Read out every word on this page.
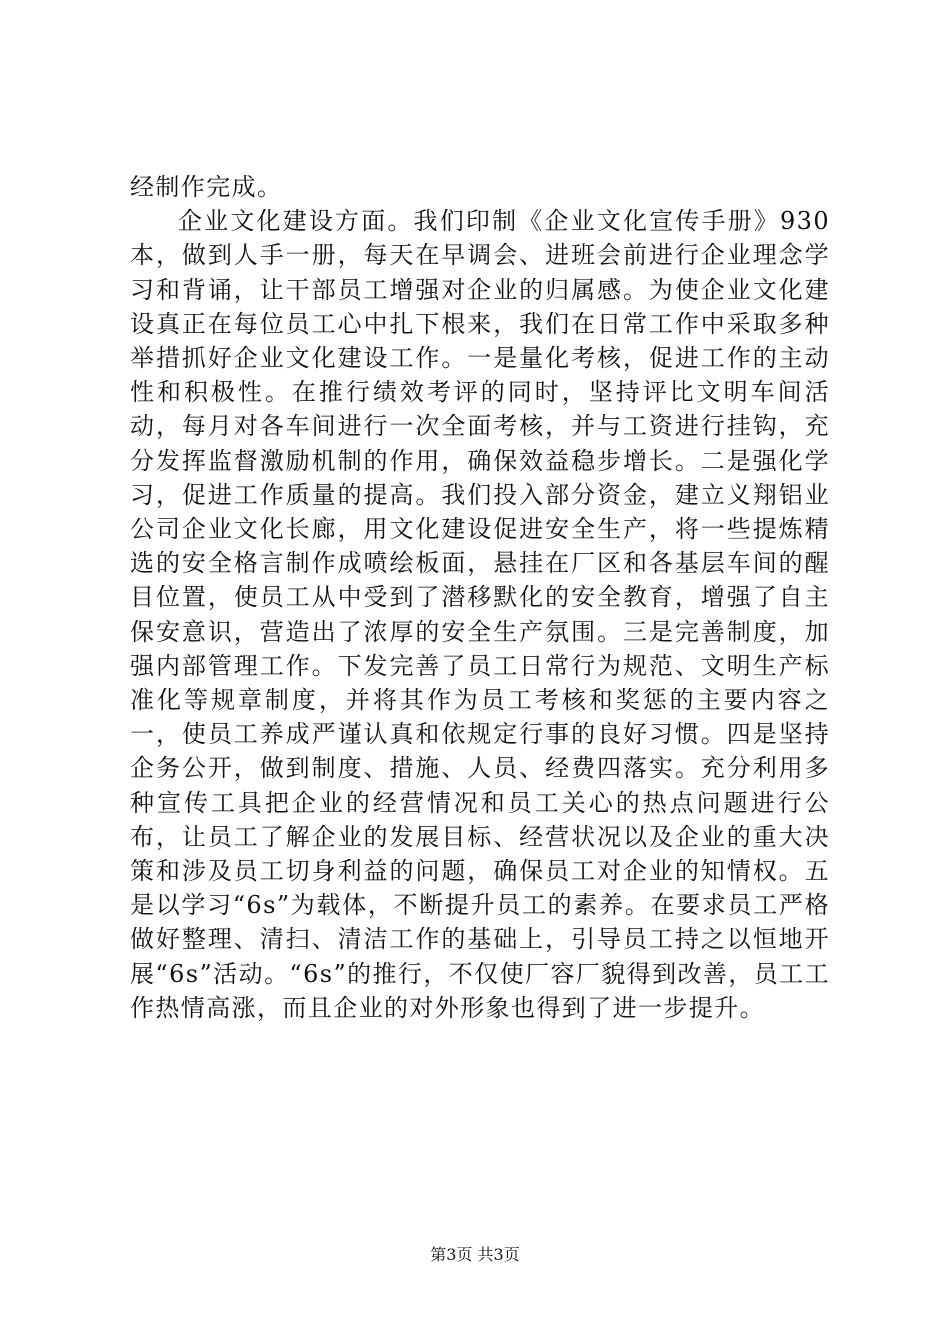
经制作完成。

企业文化建设方面。我们印制《企业文化宣传手册》930本，做到人手一册，每天在早调会、进班会前进行企业理念学习和背诵，让干部员工增强对企业的归属感。为使企业文化建设真正在每位员工心中扎下根来，我们在日常工作中采取多种举措抓好企业文化建设工作。一是量化考核，促进工作的主动性和积极性。在推行绩效考评的同时，坚持评比文明车间活动，每月对各车间进行一次全面考核，并与工资进行挂钩，充分发挥监督激励机制的作用，确保效益稳步增长。二是强化学习，促进工作质量的提高。我们投入部分资金，建立义翔铝业公司企业文化长廊，用文化建设促进安全生产，将一些提炼精选的安全格言制作成喷绘板面，悬挂在厂区和各基层车间的醒目位置，使员工从中受到了潜移默化的安全教育，增强了自主保安意识，营造出了浓厚的安全生产氛围。三是完善制度，加强内部管理工作。下发完善了员工日常行为规范、文明生产标准化等规章制度，并将其作为员工考核和奖惩的主要内容之一，使员工养成严谨认真和依规定行事的良好习惯。四是坚持企务公开，做到制度、措施、人员、经费四落实。充分利用多种宣传工具把企业的经营情况和员工关心的热点问题进行公布，让员工了解企业的发展目标、经营状况以及企业的重大决策和涉及员工切身利益的问题，确保员工对企业的知情权。五是以学习“6s”为载体，不断提升员工的素养。在要求员工严格做好整理、清扫、清洁工作的基础上，引导员工持之以恒地开展“6s”活动。“6s”的推行，不仅使厂容厂貌得到改善，员工工作热情高涨，而且企业的对外形象也得到了进一步提升。

第3页 共3页
